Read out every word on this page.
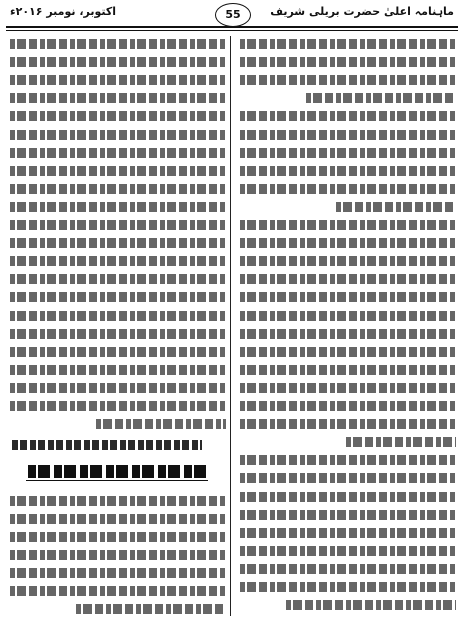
ماہنامہ اعلیٰ حضرت بریلی شریف
55
اکتوبر، نومبر ۲۰۱۶ء
